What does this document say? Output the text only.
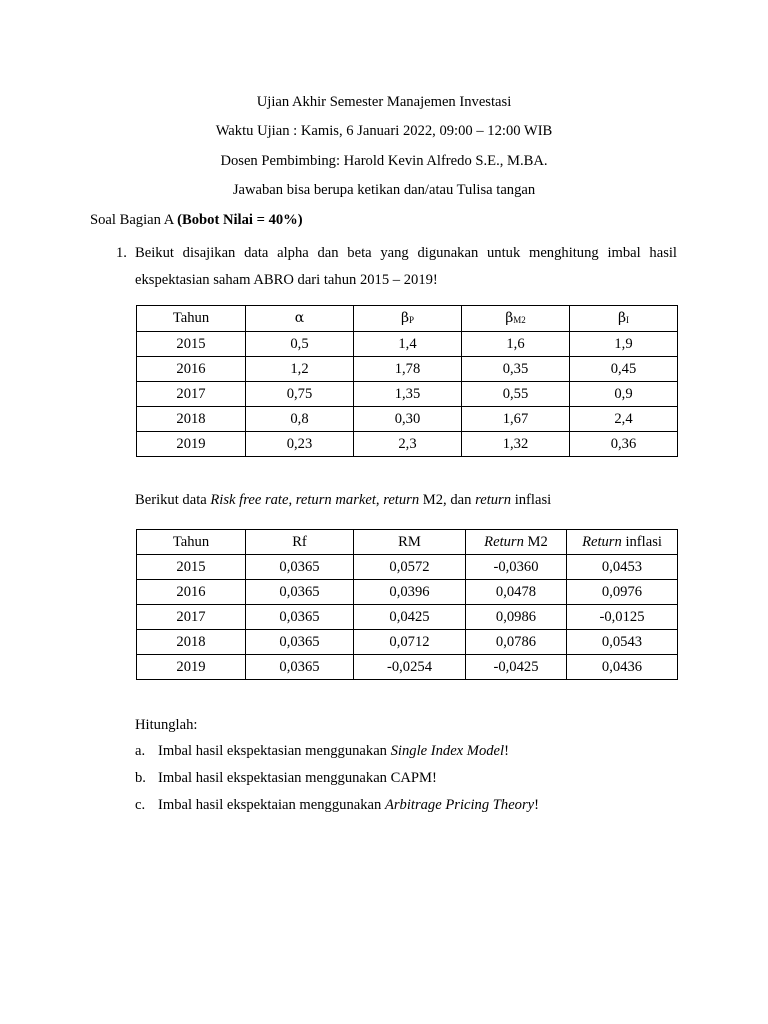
Ujian Akhir Semester Manajemen Investasi
Waktu Ujian : Kamis, 6 Januari 2022, 09:00 – 12:00 WIB
Dosen Pembimbing: Harold Kevin Alfredo S.E., M.BA.
Jawaban bisa berupa ketikan dan/atau Tulisa tangan
Soal Bagian A (Bobot Nilai = 40%)
1. Beikut disajikan data alpha dan beta yang digunakan untuk menghitung imbal hasil ekspektasian saham ABRO dari tahun 2015 – 2019!
Tahun	α	βP	βM2	βI
2015	0,5	1,4	1,6	1,9
2016	1,2	1,78	0,35	0,45
2017	0,75	1,35	0,55	0,9
2018	0,8	0,30	1,67	2,4
2019	0,23	2,3	1,32	0,36
Berikut data Risk free rate, return market, return M2, dan return inflasi
Tahun	Rf	RM	Return M2	Return inflasi
2015	0,0365	0,0572	-0,0360	0,0453
2016	0,0365	0,0396	0,0478	0,0976
2017	0,0365	0,0425	0,0986	-0,0125
2018	0,0365	0,0712	0,0786	0,0543
2019	0,0365	-0,0254	-0,0425	0,0436
Hitunglah:
a. Imbal hasil ekspektasian menggunakan Single Index Model!
b. Imbal hasil ekspektasian menggunakan CAPM!
c. Imbal hasil ekspektaian menggunakan Arbitrage Pricing Theory!
